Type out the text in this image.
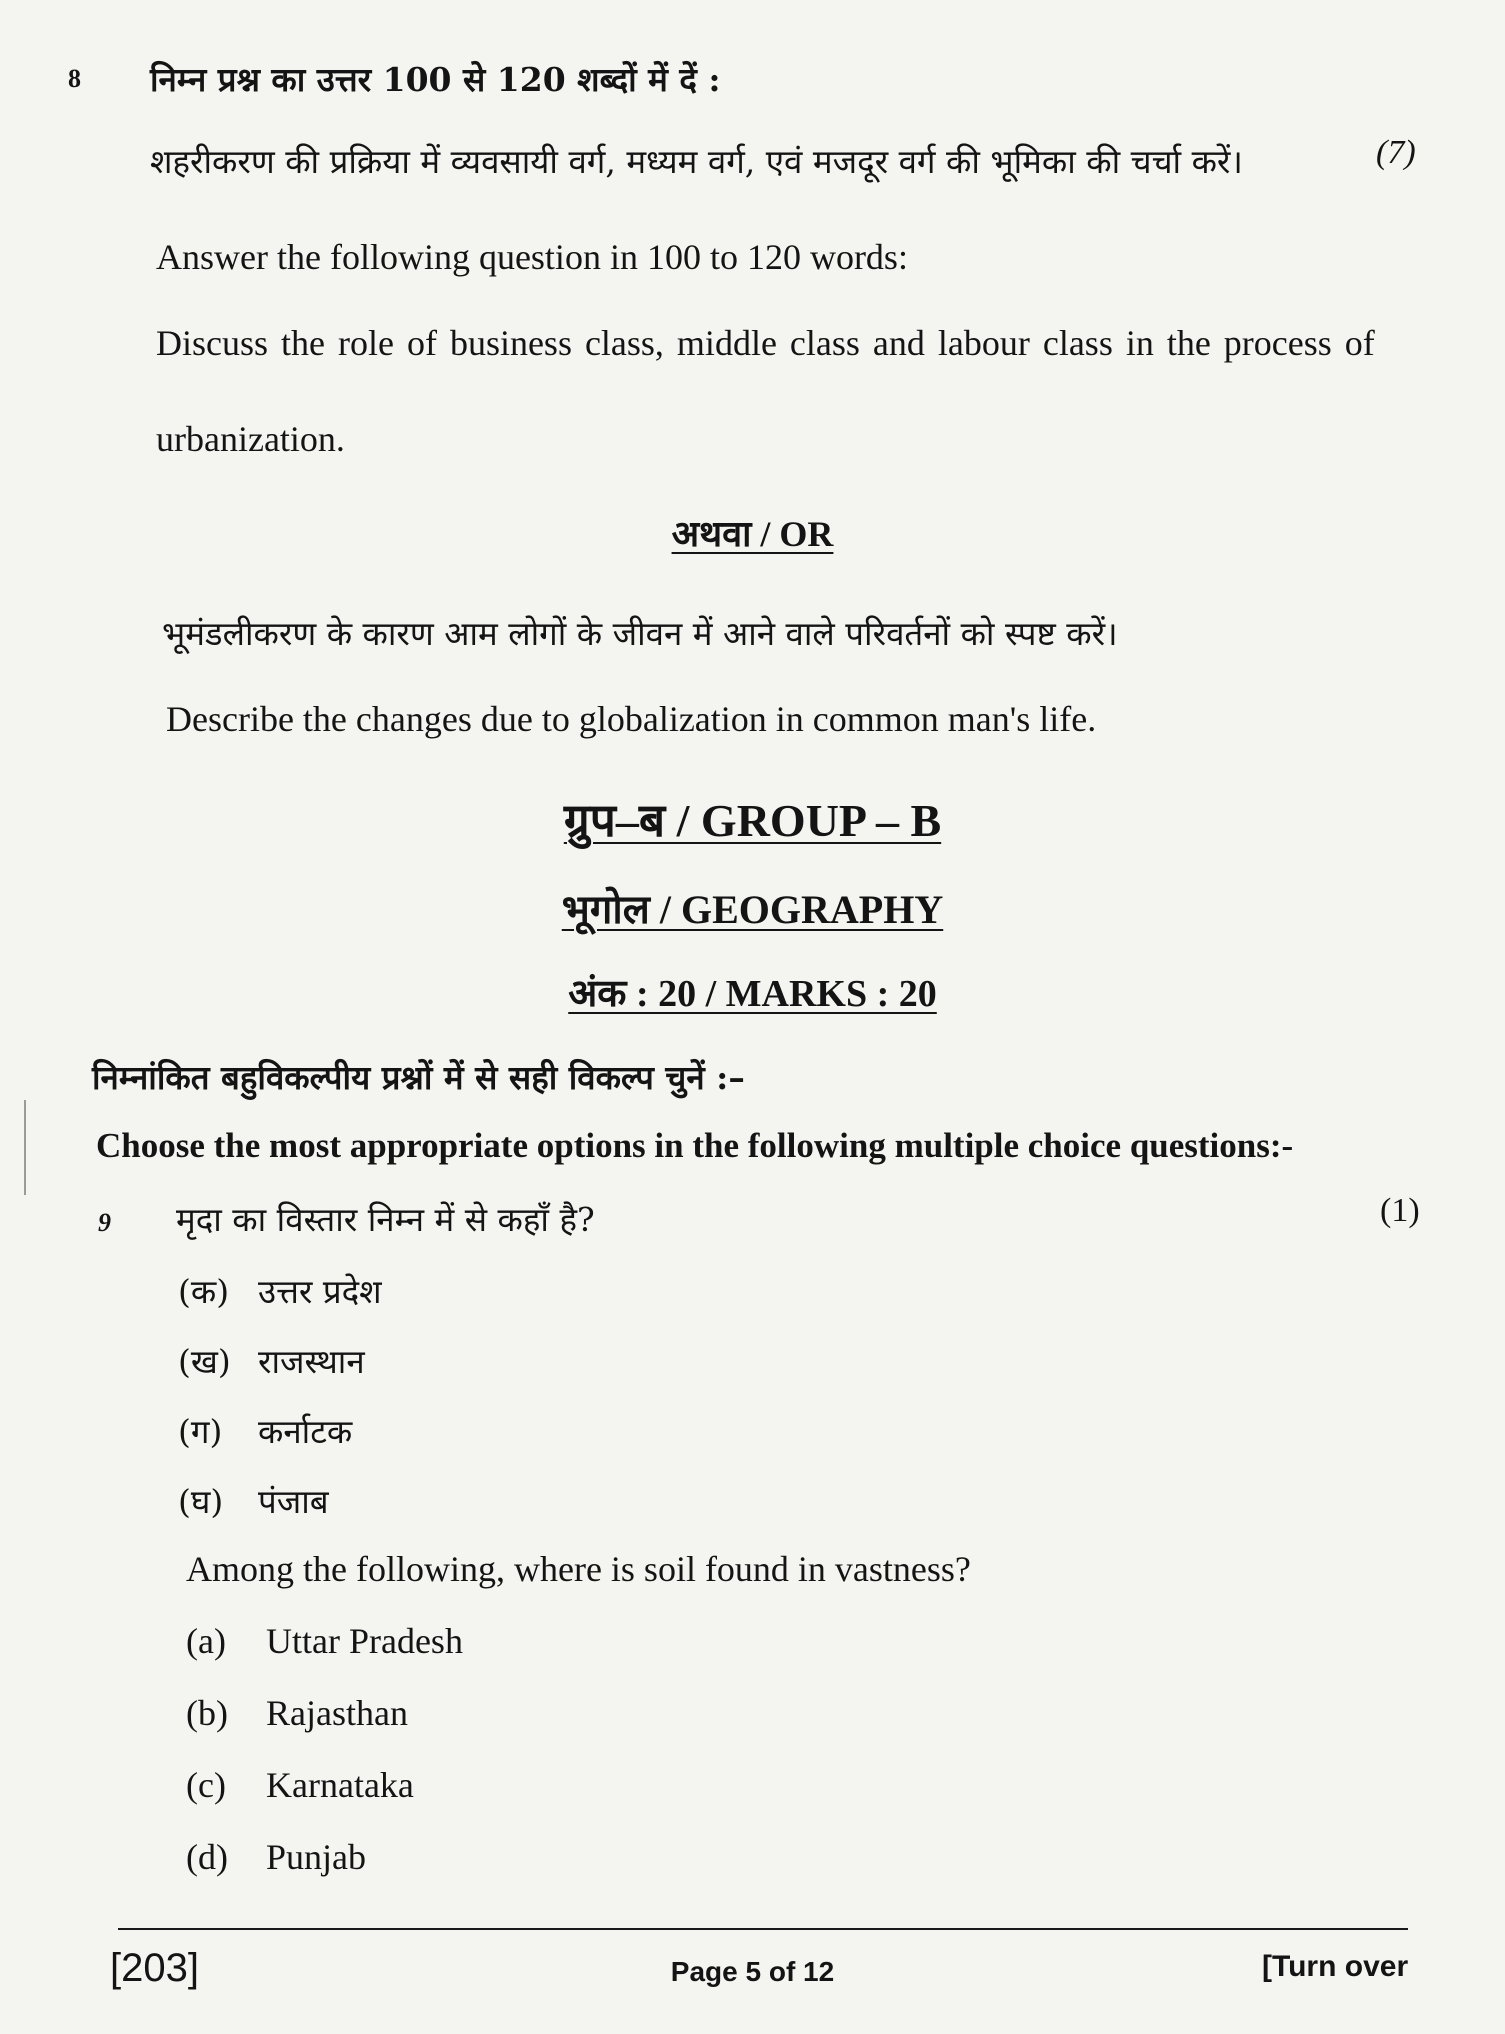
8 निम्न प्रश्न का उत्तर 100 से 120 शब्दों में दें :
शहरीकरण की प्रक्रिया में व्यवसायी वर्ग, मध्यम वर्ग, एवं मजदूर वर्ग की भूमिका की चर्चा करें।	(7)
Answer the following question in 100 to 120 words:
Discuss the role of business class, middle class and labour class in the process of
urbanization.
अथवा / OR
भूमंडलीकरण के कारण आम लोगों के जीवन में आने वाले परिवर्तनों को स्पष्ट करें।
Describe the changes due to globalization in common man's life.
ग्रुप–ब / GROUP – B
भूगोल / GEOGRAPHY
अंक : 20 / MARKS : 20
निम्नांकित बहुविकल्पीय प्रश्नों में से सही विकल्प चुनें :–
Choose the most appropriate options in the following multiple choice questions:-
9 मृदा का विस्तार निम्न में से कहाँ है?	(1)
(क) उत्तर प्रदेश
(ख) राजस्थान
(ग) कर्नाटक
(घ) पंजाब
Among the following, where is soil found in vastness?
(a) Uttar Pradesh
(b) Rajasthan
(c) Karnataka
(d) Punjab
[203]	Page 5 of 12	[Turn over
